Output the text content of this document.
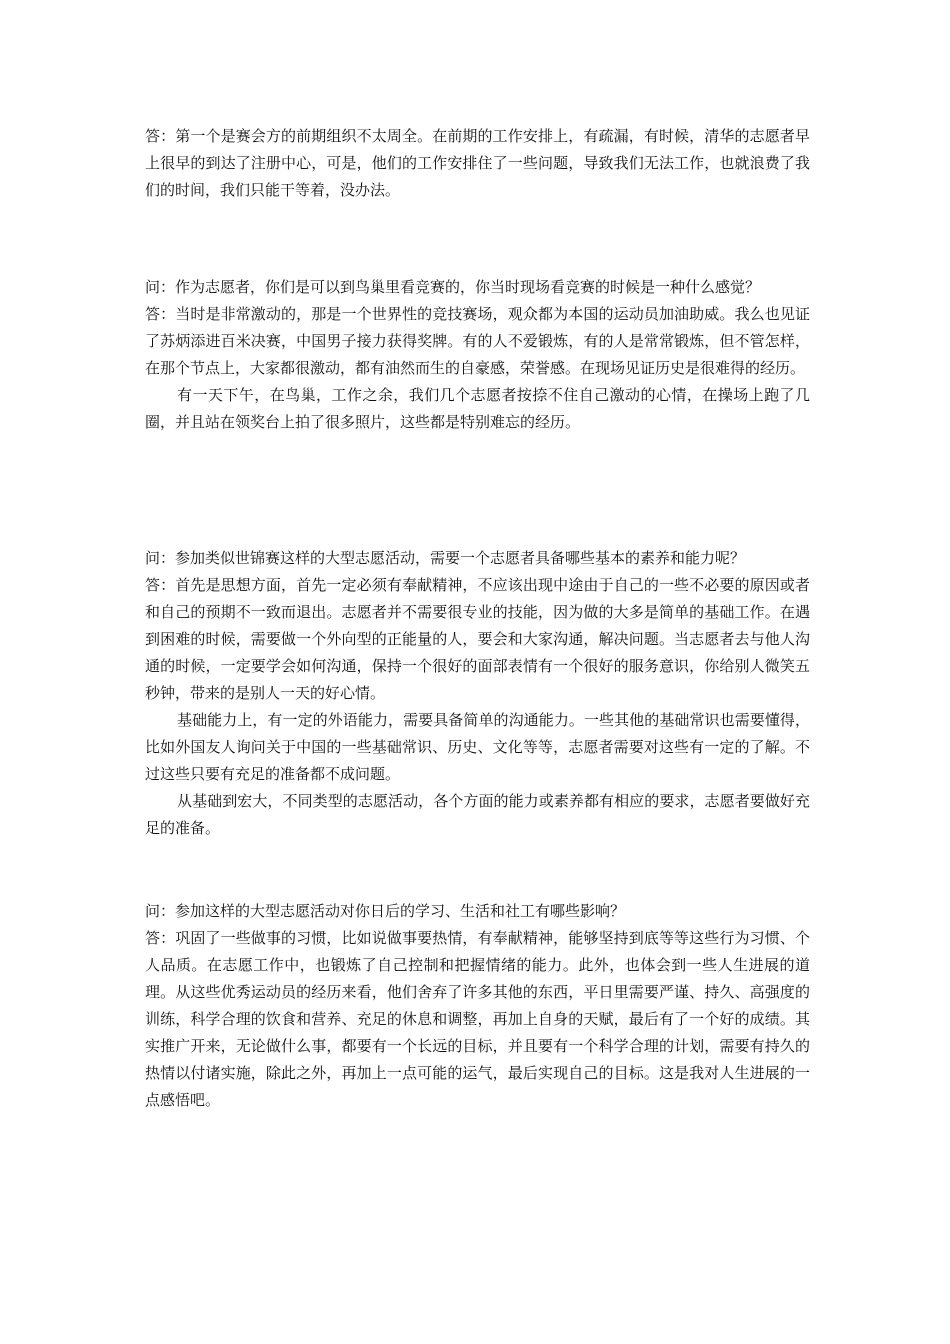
答：第一个是赛会方的前期组织不太周全。在前期的工作安排上，有疏漏，有时候，清华的志愿者早上很早的到达了注册中心，可是，他们的工作安排住了一些问题，导致我们无法工作，也就浪费了我们的时间，我们只能干等着，没办法。

问：作为志愿者，你们是可以到鸟巢里看竞赛的，你当时现场看竞赛的时候是一种什么感觉？

答：当时是非常激动的，那是一个世界性的竞技赛场，观众都为本国的运动员加油助威。我么也见证了苏炳添进百米决赛，中国男子接力获得奖牌。有的人不爱锻炼，有的人是常常锻炼，但不管怎样，在那个节点上，大家都很激动，都有油然而生的自豪感，荣誉感。在现场见证历史是很难得的经历。

有一天下午，在鸟巢，工作之余，我们几个志愿者按捺不住自己激动的心情，在操场上跑了几圈，并且站在领奖台上拍了很多照片，这些都是特别难忘的经历。

问：参加类似世锦赛这样的大型志愿活动，需要一个志愿者具备哪些基本的素养和能力呢？

答：首先是思想方面，首先一定必须有奉献精神，不应该出现中途由于自己的一些不必要的原因或者和自己的预期不一致而退出。志愿者并不需要很专业的技能，因为做的大多是简单的基础工作。在遇到困难的时候，需要做一个外向型的正能量的人，要会和大家沟通，解决问题。当志愿者去与他人沟通的时候，一定要学会如何沟通，保持一个很好的面部表情有一个很好的服务意识，你给别人微笑五秒钟，带来的是别人一天的好心情。

基础能力上，有一定的外语能力，需要具备简单的沟通能力。一些其他的基础常识也需要懂得，比如外国友人询问关于中国的一些基础常识、历史、文化等等，志愿者需要对这些有一定的了解。不过这些只要有充足的准备都不成问题。

从基础到宏大，不同类型的志愿活动，各个方面的能力或素养都有相应的要求，志愿者要做好充足的准备。

问：参加这样的大型志愿活动对你日后的学习、生活和社工有哪些影响？

答：巩固了一些做事的习惯，比如说做事要热情，有奉献精神，能够坚持到底等等这些行为习惯、个人品质。在志愿工作中，也锻炼了自己控制和把握情绪的能力。此外，也体会到一些人生进展的道理。从这些优秀运动员的经历来看，他们舍弃了许多其他的东西，平日里需要严谨、持久、高强度的训练，科学合理的饮食和营养、充足的休息和调整，再加上自身的天赋，最后有了一个好的成绩。其实推广开来，无论做什么事，都要有一个长远的目标，并且要有一个科学合理的计划，需要有持久的热情以付诸实施，除此之外，再加上一点可能的运气，最后实现自己的目标。这是我对人生进展的一点感悟吧。
